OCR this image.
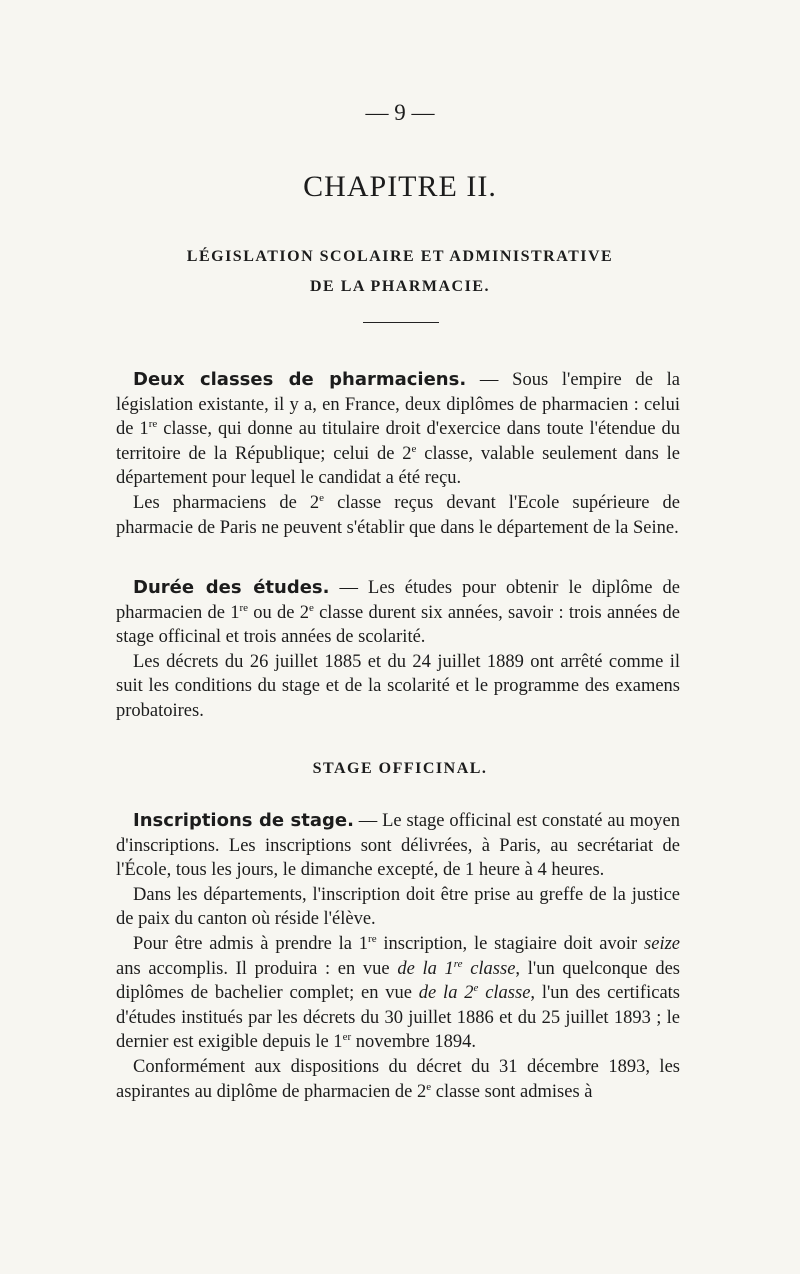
— 9 —
CHAPITRE II.
LÉGISLATION SCOLAIRE ET ADMINISTRATIVE
DE LA PHARMACIE.

Deux classes de pharmaciens. — Sous l'empire de la législation existante, il y a, en France, deux diplômes de pharmacien : celui de 1re classe, qui donne au titulaire droit d'exercice dans toute l'étendue du territoire de la République; celui de 2e classe, valable seulement dans le département pour lequel le candidat a été reçu.

Les pharmaciens de 2e classe reçus devant l'Ecole supérieure de pharmacie de Paris ne peuvent s'établir que dans le département de la Seine.

Durée des études. — Les études pour obtenir le diplôme de pharmacien de 1re ou de 2e classe durent six années, savoir : trois années de stage officinal et trois années de scolarité.

Les décrets du 26 juillet 1885 et du 24 juillet 1889 ont arrêté comme il suit les conditions du stage et de la scolarité et le programme des examens probatoires.

STAGE OFFICINAL.

Inscriptions de stage. — Le stage officinal est constaté au moyen d'inscriptions. Les inscriptions sont délivrées, à Paris, au secrétariat de l'École, tous les jours, le dimanche excepté, de 1 heure à 4 heures.

Dans les départements, l'inscription doit être prise au greffe de la justice de paix du canton où réside l'élève.

Pour être admis à prendre la 1re inscription, le stagiaire doit avoir seize ans accomplis. Il produira : en vue de la 1re classe, l'un quelconque des diplômes de bachelier complet; en vue de la 2e classe, l'un des certificats d'études institués par les décrets du 30 juillet 1886 et du 25 juillet 1893 ; le dernier est exigible depuis le 1er novembre 1894.

Conformément aux dispositions du décret du 31 décembre 1893, les aspirantes au diplôme de pharmacien de 2e classe sont admises à
